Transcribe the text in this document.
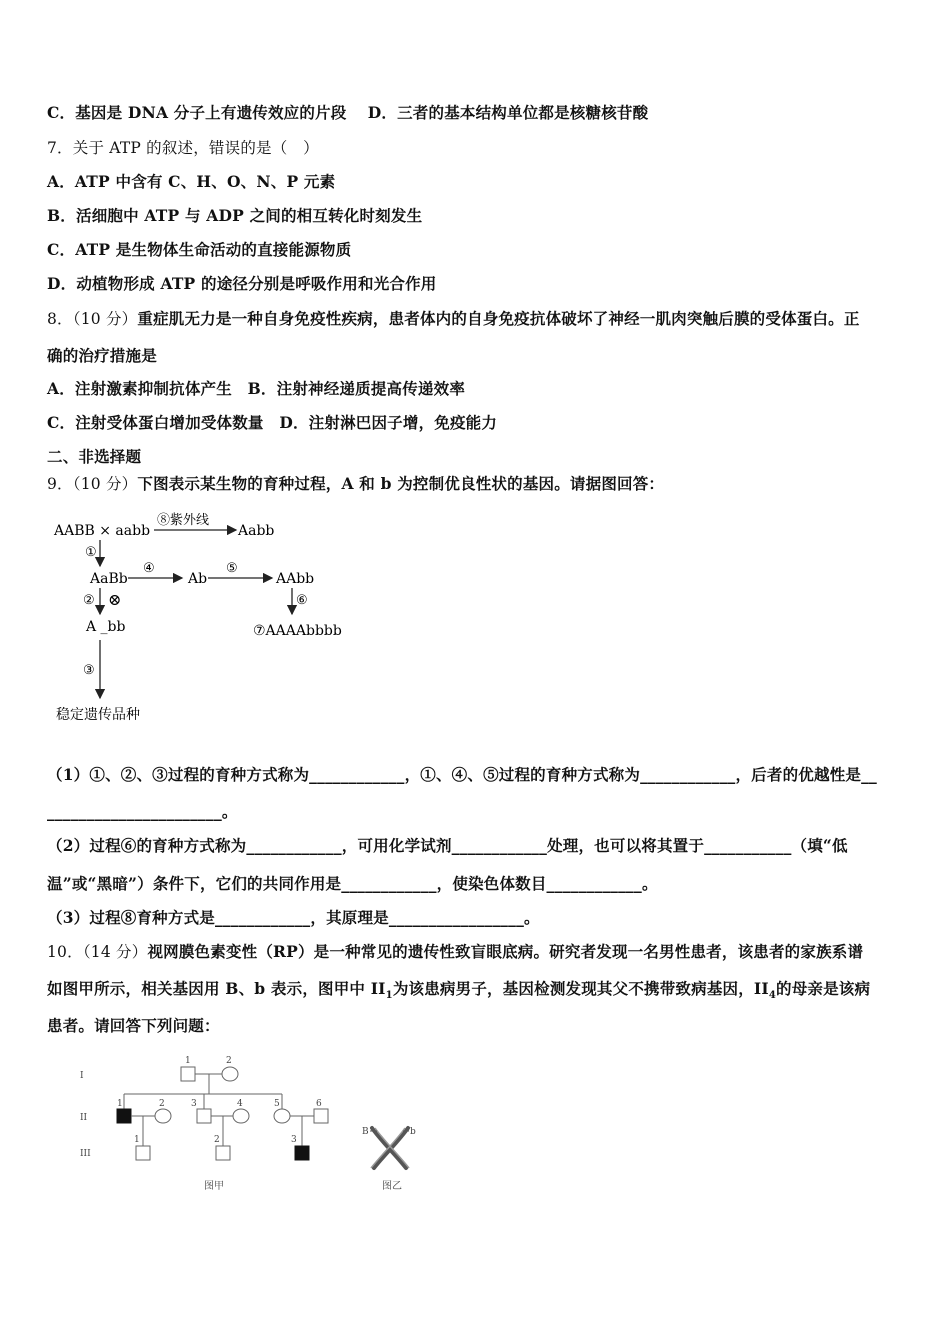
C．基因是 DNA 分子上有遗传效应的片段　 D．三者的基本结构单位都是核糖核苷酸
7．关于 ATP 的叙述，错误的是（　）
A．ATP 中含有 C、H、O、N、P 元素
B．活细胞中 ATP 与 ADP 之间的相互转化时刻发生
C．ATP 是生物体生命活动的直接能源物质
D．动植物形成 ATP 的途径分别是呼吸作用和光合作用
8．（10 分）重症肌无力是一种自身免疫性疾病，患者体内的自身免疫抗体破坏了神经一肌肉突触后膜的受体蛋白。正
确的治疗措施是
A．注射激素抑制抗体产生　B．注射神经递质提高传递效率
C．注射受体蛋白增加受体数量　D．注射淋巴因子增，免疫能力
二、非选择题
9．（10 分）下图表示某生物的育种过程，A 和 b 为控制优良性状的基因。请据图回答：
AABB × aabb
⑧紫外线
Aabb
①
AaBb
④
Ab
⑤
AAbb
② ⊗	⑥
A _bb	⑦AAAAbbbb
③
稳定遗传品种
（1）①、②、③过程的育种方式称为____________，①、④、⑤过程的育种方式称为____________，后者的优越性是__
______________________。
（2）过程⑥的育种方式称为____________，可用化学试剂____________处理，也可以将其置于___________（填“低
温”或“黑暗”）条件下，它们的共同作用是____________，使染色体数目____________。
（3）过程⑧育种方式是____________，其原理是_________________。
10．（14 分）视网膜色素变性（RP）是一种常见的遗传性致盲眼底病。研究者发现一名男性患者，该患者的家族系谱
如图甲所示，相关基因用 B、b 表示，图甲中 $II_1$为该患病男子，基因检测发现其父不携带致病基因，$II_4$的母亲是该病
患者。请回答下列问题：
I
II
III
1	2
1	2	3	4	5	6
1	2	3
图甲
B	b
图乙
